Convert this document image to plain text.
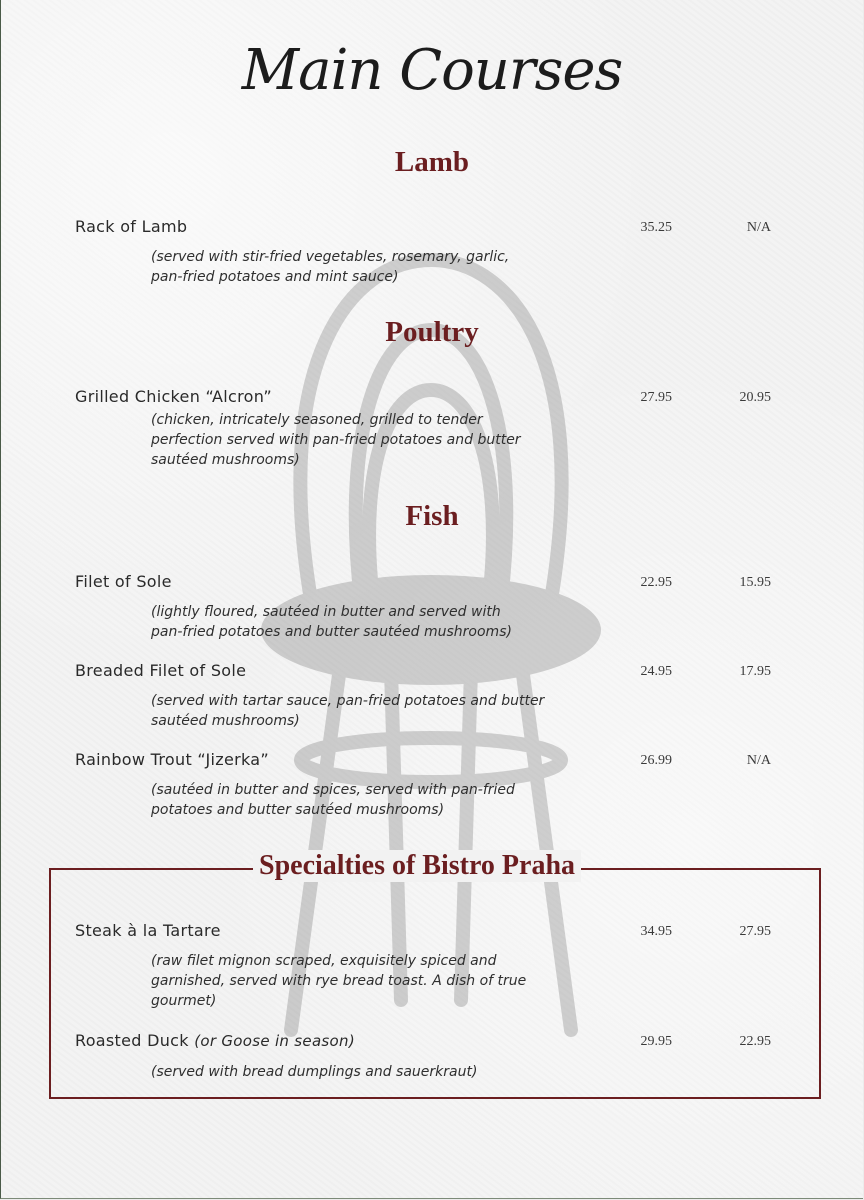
Main Courses
Lamb
Rack of Lamb	35.25	N/A
(served with stir-fried vegetables, rosemary, garlic,
pan-fried potatoes and mint sauce)
Poultry
Grilled Chicken “Alcron”	27.95	20.95
(chicken, intricately seasoned, grilled to tender
perfection served with pan-fried potatoes and butter
sautéed mushrooms)
Fish
Filet of Sole	22.95	15.95
(lightly floured, sautéed in butter and served with
pan-fried potatoes and butter sautéed mushrooms)
Breaded Filet of Sole	24.95	17.95
(served with tartar sauce, pan-fried potatoes and butter
sautéed mushrooms)
Rainbow Trout “Jizerka”	26.99	N/A
(sautéed in butter and spices, served with pan-fried
potatoes and butter sautéed mushrooms)
Specialties of Bistro Praha
Steak à la Tartare	34.95	27.95
(raw filet mignon scraped, exquisitely spiced and
garnished, served with rye bread toast. A dish of true
gourmet)
Roasted Duck (or Goose in season)	29.95	22.95
(served with bread dumplings and sauerkraut)
